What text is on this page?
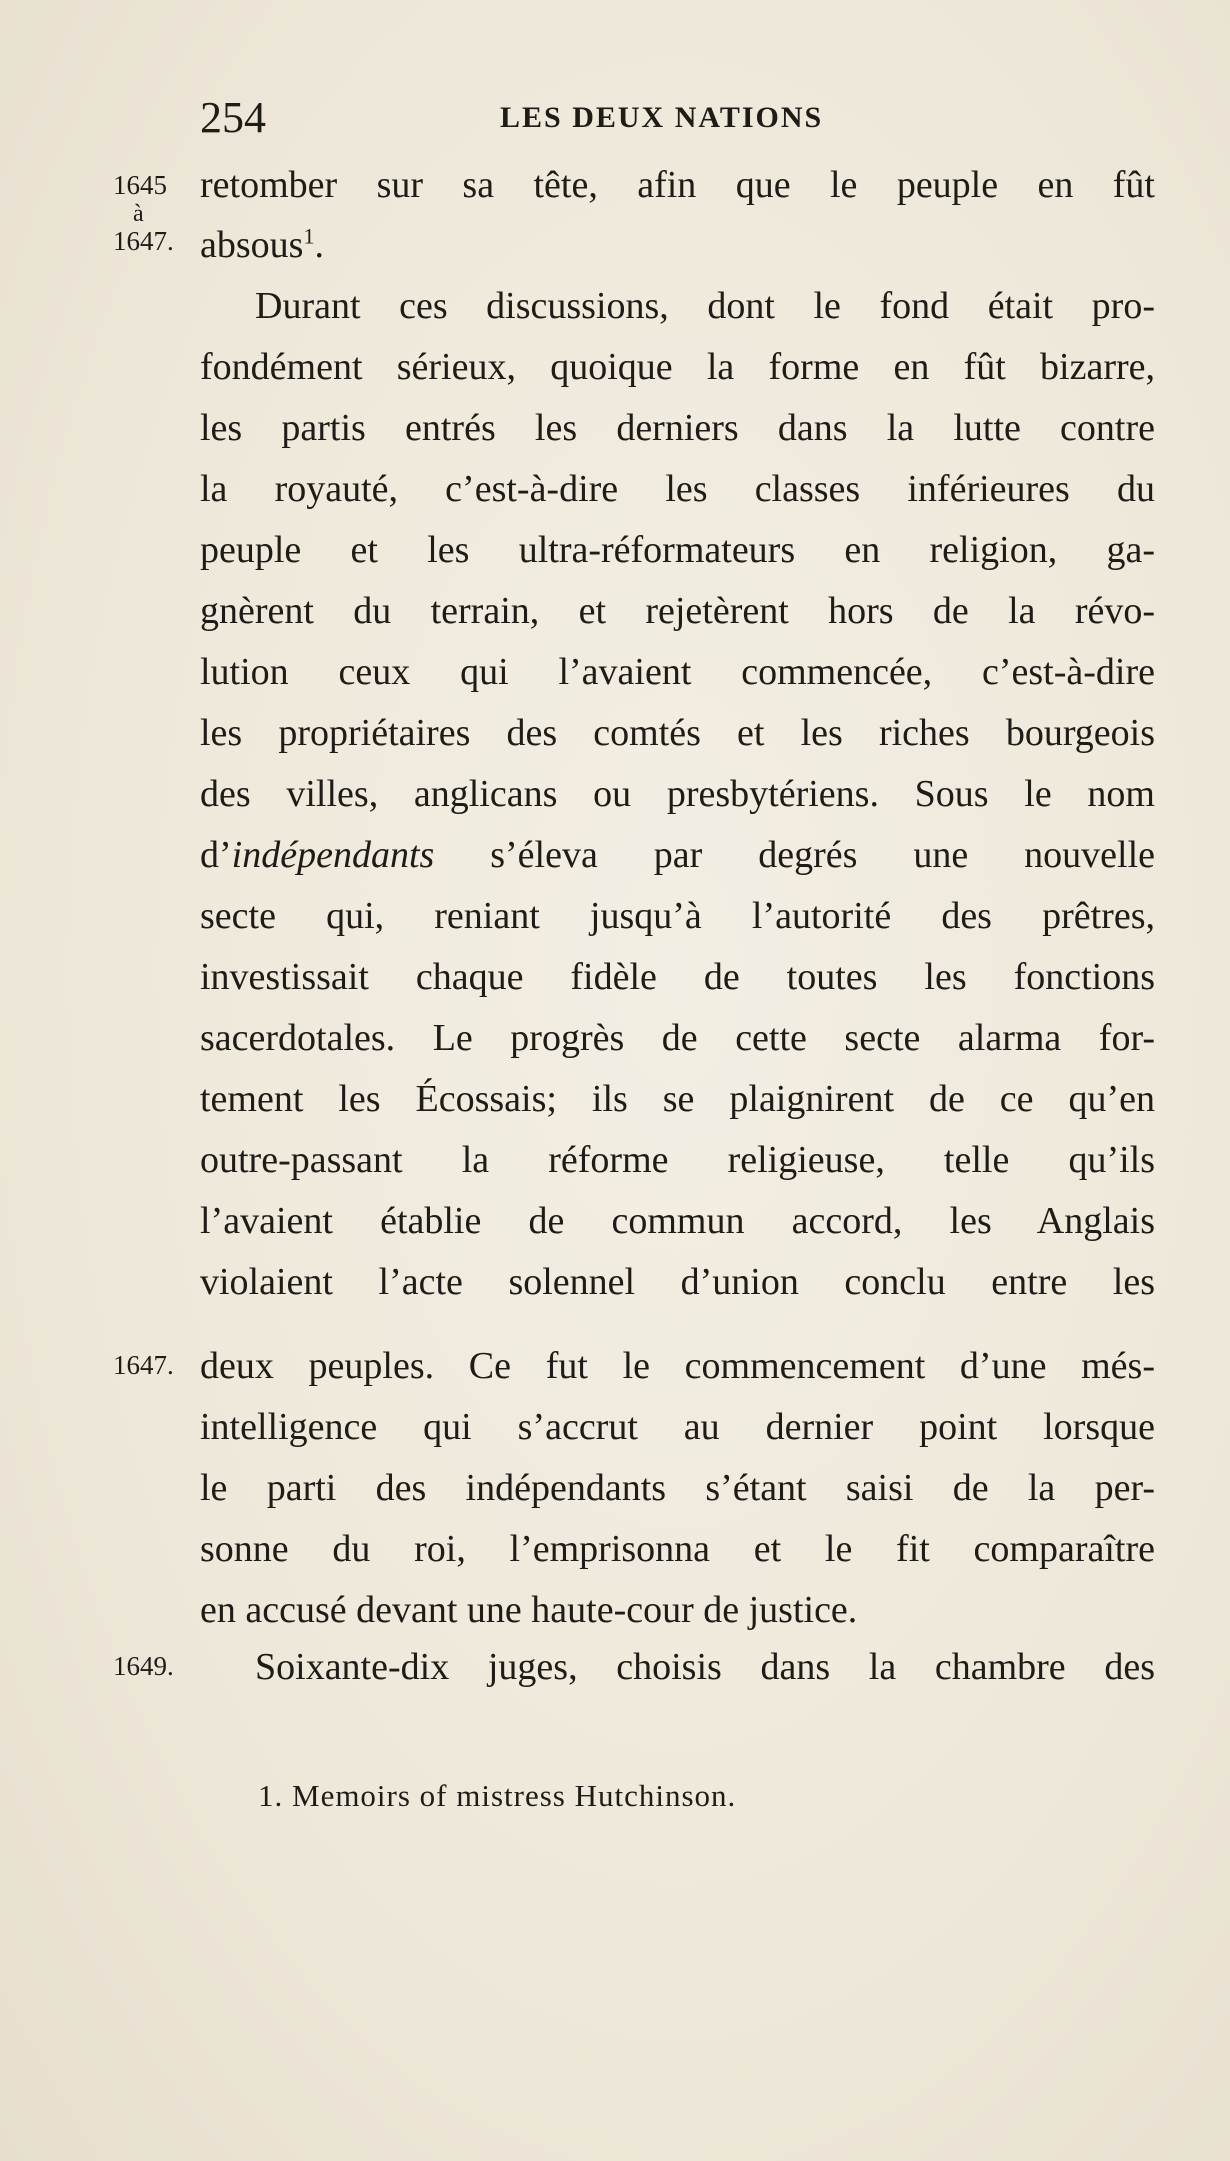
254	LES DEUX NATIONS
1645
à
1647.
1647.
1649.
retomber sur sa tête, afin que le peuple en fût
absous$^1$.
Durant ces discussions, dont le fond était pro-
fondément sérieux, quoique la forme en fût bizarre,
les partis entrés les derniers dans la lutte contre
la royauté, c’est-à-dire les classes inférieures du
peuple et les ultra-réformateurs en religion, ga-
gnèrent du terrain, et rejetèrent hors de la révo-
lution ceux qui l’avaient commencée, c’est-à-dire
les propriétaires des comtés et les riches bourgeois
des villes, anglicans ou presbytériens. Sous le nom
d’indépendants s’éleva par degrés une nouvelle
secte qui, reniant jusqu’à l’autorité des prêtres,
investissait chaque fidèle de toutes les fonctions
sacerdotales. Le progrès de cette secte alarma for-
tement les Écossais; ils se plaignirent de ce qu’en
outre-passant la réforme religieuse, telle qu’ils
l’avaient établie de commun accord, les Anglais
violaient l’acte solennel d’union conclu entre les
deux peuples. Ce fut le commencement d’une més-
intelligence qui s’accrut au dernier point lorsque
le parti des indépendants s’étant saisi de la per-
sonne du roi, l’emprisonna et le fit comparaître
en accusé devant une haute-cour de justice.
Soixante-dix juges, choisis dans la chambre des
1. Memoirs of mistress Hutchinson.
